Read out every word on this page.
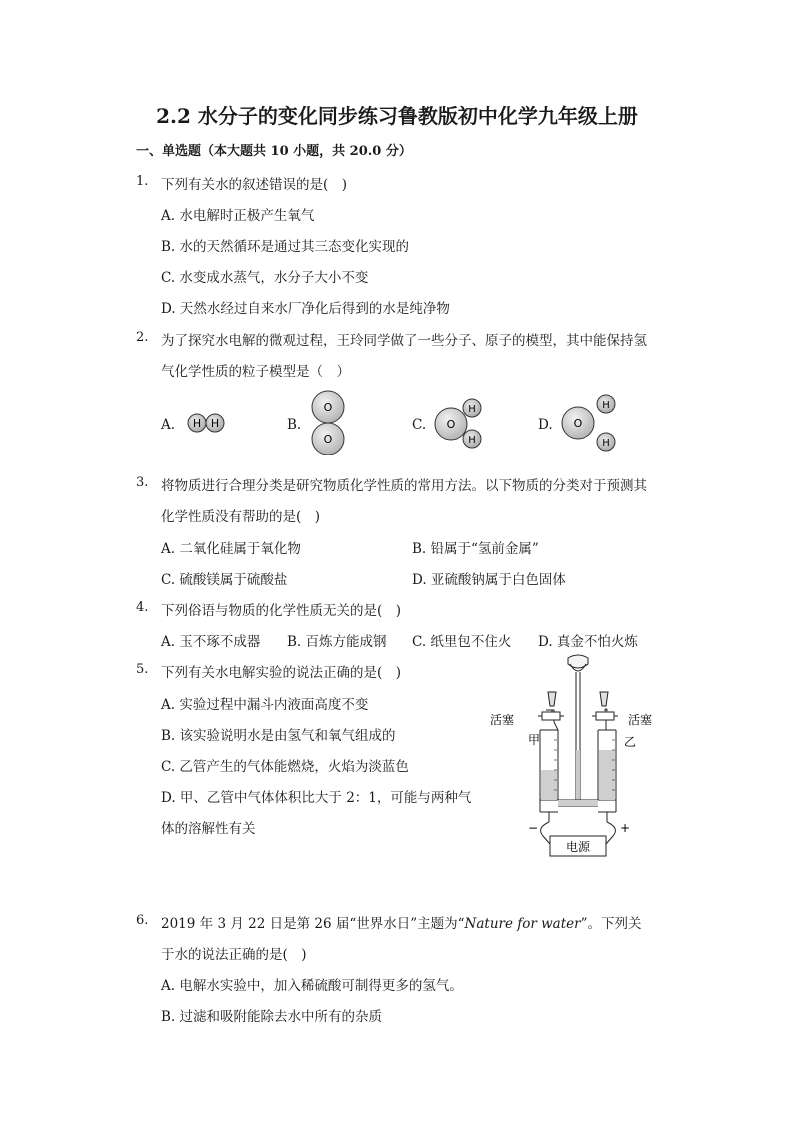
2.2 水分子的变化同步练习鲁教版初中化学九年级上册
一、单选题（本大题共 10 小题，共 20.0 分）
1. 下列有关水的叙述错误的是(　)
A. 水电解时正极产生氧气
B. 水的天然循环是通过其三态变化实现的
C. 水变成水蒸气，水分子大小不变
D. 天然水经过自来水厂净化后得到的水是纯净物
2. 为了探究水电解的微观过程，王玲同学做了一些分子、原子的模型，其中能保持氢
气化学性质的粒子模型是（　）
A.	B.	C.	D.
H H
O
O
O
H
H
O
H
H
3. 将物质进行合理分类是研究物质化学性质的常用方法。以下物质的分类对于预测其
化学性质没有帮助的是(　)
A. 二氧化硅属于氧化物	B. 铅属于“氢前金属”
C. 硫酸镁属于硫酸盐	D. 亚硫酸钠属于白色固体
4. 下列俗语与物质的化学性质无关的是(　)
A. 玉不琢不成器 B. 百炼方能成钢 C. 纸里包不住火 D. 真金不怕火炼
5. 下列有关水电解实验的说法正确的是(　)
A. 实验过程中漏斗内液面高度不变
B. 该实验说明水是由氢气和氧气组成的
C. 乙管产生的气体能燃烧，火焰为淡蓝色
D. 甲、乙管中气体体积比大于 2：1，可能与两种气
体的溶解性有关
活塞	活塞
甲	乙
电源
−	+
6. 2019 年 3 月 22 日是第 26 届“世界水日”主题为“Nature for water”。下列关
于水的说法正确的是(　)
A. 电解水实验中，加入稀硫酸可制得更多的氢气。
B. 过滤和吸附能除去水中所有的杂质
